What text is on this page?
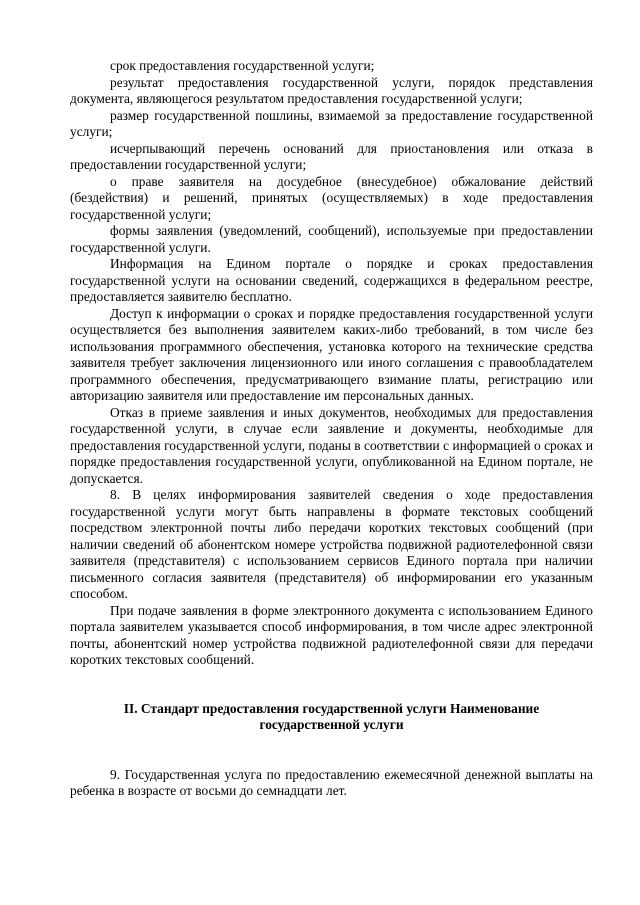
срок предоставления государственной услуги;

результат предоставления государственной услуги, порядок представления документа, являющегося результатом предоставления государственной услуги;

размер государственной пошлины, взимаемой за предоставление государственной услуги;

исчерпывающий перечень оснований для приостановления или отказа в предоставлении государственной услуги;

о праве заявителя на досудебное (внесудебное) обжалование действий (бездействия) и решений, принятых (осуществляемых) в ходе предоставления государственной услуги;

формы заявления (уведомлений, сообщений), используемые при предоставлении государственной услуги.

Информация на Едином портале о порядке и сроках предоставления государственной услуги на основании сведений, содержащихся в федеральном реестре, предоставляется заявителю бесплатно.

Доступ к информации о сроках и порядке предоставления государственной услуги осуществляется без выполнения заявителем каких-либо требований, в том числе без использования программного обеспечения, установка которого на технические средства заявителя требует заключения лицензионного или иного соглашения с правообладателем программного обеспечения, предусматривающего взимание платы, регистрацию или авторизацию заявителя или предоставление им персональных данных.

Отказ в приеме заявления и иных документов, необходимых для предоставления государственной услуги, в случае если заявление и документы, необходимые для предоставления государственной услуги, поданы в соответствии с информацией о сроках и порядке предоставления государственной услуги, опубликованной на Едином портале, не допускается.

8. В целях информирования заявителей сведения о ходе предоставления государственной услуги могут быть направлены в формате текстовых сообщений посредством электронной почты либо передачи коротких текстовых сообщений (при наличии сведений об абонентском номере устройства подвижной радиотелефонной связи заявителя (представителя) с использованием сервисов Единого портала при наличии письменного согласия заявителя (представителя) об информировании его указанным способом.

При подаче заявления в форме электронного документа с использованием Единого портала заявителем указывается способ информирования, в том числе адрес электронной почты, абонентский номер устройства подвижной радиотелефонной связи для передачи коротких текстовых сообщений.

II. Стандарт предоставления государственной услуги Наименование
государственной услуги

9. Государственная услуга по предоставлению ежемесячной денежной выплаты на ребенка в возрасте от восьми до семнадцати лет.
